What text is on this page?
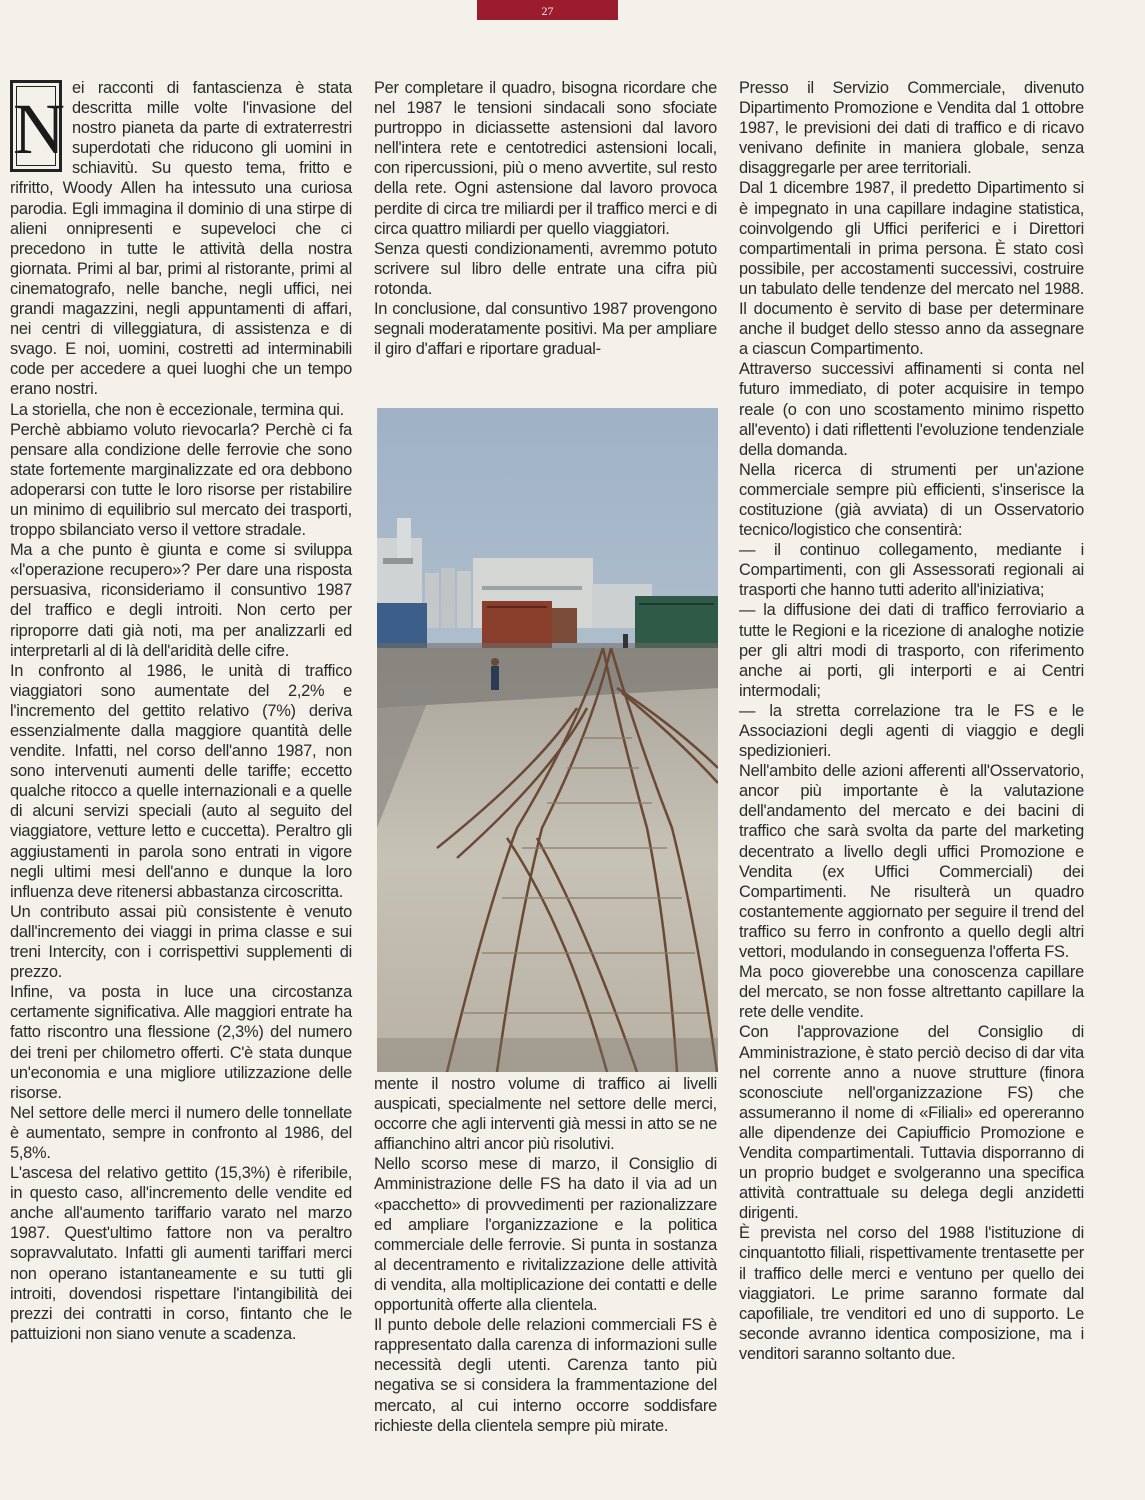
27
N

ei racconti di fantascienza è stata descritta mille volte l'invasione del nostro pianeta da parte di extraterrestri superdotati che riducono gli uomini in schiavitù. Su questo tema, fritto e rifritto, Woody Allen ha intessuto una curiosa parodia. Egli immagina il dominio di una stirpe di alieni onnipresenti e supeveloci che ci precedono in tutte le attività della nostra giornata. Primi al bar, primi al ristorante, primi al cinematografo, nelle banche, negli uffici, nei grandi magazzini, negli appuntamenti di affari, nei centri di villeggiatura, di assistenza e di svago. E noi, uomini, costretti ad interminabili code per accedere a quei luoghi che un tempo erano nostri.

La storiella, che non è eccezionale, termina qui.

Perchè abbiamo voluto rievocarla? Perchè ci fa pensare alla condizione delle ferrovie che sono state fortemente marginalizzate ed ora debbono adoperarsi con tutte le loro risorse per ristabilire un minimo di equilibrio sul mercato dei trasporti, troppo sbilanciato verso il vettore stradale.

Ma a che punto è giunta e come si sviluppa «l'operazione recupero»? Per dare una risposta persuasiva, riconsideriamo il consuntivo 1987 del traffico e degli introiti. Non certo per riproporre dati già noti, ma per analizzarli ed interpretarli al di là dell'aridità delle cifre.

In confronto al 1986, le unità di traffico viaggiatori sono aumentate del 2,2% e l'incremento del gettito relativo (7%) deriva essenzialmente dalla maggiore quantità delle vendite. Infatti, nel corso dell'anno 1987, non sono intervenuti aumenti delle tariffe; eccetto qualche ritocco a quelle internazionali e a quelle di alcuni servizi speciali (auto al seguito del viaggiatore, vetture letto e cuccetta). Peraltro gli aggiustamenti in parola sono entrati in vigore negli ultimi mesi dell'anno e dunque la loro influenza deve ritenersi abbastanza circoscritta.

Un contributo assai più consistente è venuto dall'incremento dei viaggi in prima classe e sui treni Intercity, con i corrispettivi supplementi di prezzo.

Infine, va posta in luce una circostanza certamente significativa. Alle maggiori entrate ha fatto riscontro una flessione (2,3%) del numero dei treni per chilometro offerti. C'è stata dunque un'economia e una migliore utilizzazione delle risorse.

Nel settore delle merci il numero delle tonnellate è aumentato, sempre in confronto al 1986, del 5,8%.

L'ascesa del relativo gettito (15,3%) è riferibile, in questo caso, all'incremento delle vendite ed anche all'aumento tariffario varato nel marzo 1987. Quest'ultimo fattore non va peraltro sopravvalutato. Infatti gli aumenti tariffari merci non operano istantaneamente e su tutti gli introiti, dovendosi rispettare l'intangibilità dei prezzi dei contratti in corso, fintanto che le pattuizioni non siano venute a scadenza.

Per completare il quadro, bisogna ricordare che nel 1987 le tensioni sindacali sono sfociate purtroppo in diciassette astensioni dal lavoro nell'intera rete e centotredici astensioni locali, con ripercussioni, più o meno avvertite, sul resto della rete. Ogni astensione dal lavoro provoca perdite di circa tre miliardi per il traffico merci e di circa quattro miliardi per quello viaggiatori.

Senza questi condizionamenti, avremmo potuto scrivere sul libro delle entrate una cifra più rotonda.

In conclusione, dal consuntivo 1987 provengono segnali moderatamente positivi. Ma per ampliare il giro d'affari e riportare gradual-

mente il nostro volume di traffico ai livelli auspicati, specialmente nel settore delle merci, occorre che agli interventi già messi in atto se ne affianchino altri ancor più risolutivi.

Nello scorso mese di marzo, il Consiglio di Amministrazione delle FS ha dato il via ad un «pacchetto» di provvedimenti per razionalizzare ed ampliare l'organizzazione e la politica commerciale delle ferrovie. Si punta in sostanza al decentramento e rivitalizzazione delle attività di vendita, alla moltiplicazione dei contatti e delle opportunità offerte alla clientela.

Il punto debole delle relazioni commerciali FS è rappresentato dalla carenza di informazioni sulle necessità degli utenti. Carenza tanto più negativa se si considera la frammentazione del mercato, al cui interno occorre soddisfare richieste della clientela sempre più mirate.

Presso il Servizio Commerciale, divenuto Dipartimento Promozione e Vendita dal 1 ottobre 1987, le previsioni dei dati di traffico e di ricavo venivano definite in maniera globale, senza disaggregarle per aree territoriali.

Dal 1 dicembre 1987, il predetto Dipartimento si è impegnato in una capillare indagine statistica, coinvolgendo gli Uffici periferici e i Direttori compartimentali in prima persona. È stato così possibile, per accostamenti successivi, costruire un tabulato delle tendenze del mercato nel 1988. Il documento è servito di base per determinare anche il budget dello stesso anno da assegnare a ciascun Compartimento.

Attraverso successivi affinamenti si conta nel futuro immediato, di poter acquisire in tempo reale (o con uno scostamento minimo rispetto all'evento) i dati riflettenti l'evoluzione tendenziale della domanda.

Nella ricerca di strumenti per un'azione commerciale sempre più efficienti, s'inserisce la costituzione (già avviata) di un Osservatorio tecnico/logistico che consentirà:

— il continuo collegamento, mediante i Compartimenti, con gli Assessorati regionali ai trasporti che hanno tutti aderito all'iniziativa;

— la diffusione dei dati di traffico ferroviario a tutte le Regioni e la ricezione di analoghe notizie per gli altri modi di trasporto, con riferimento anche ai porti, gli interporti e ai Centri intermodali;

— la stretta correlazione tra le FS e le Associazioni degli agenti di viaggio e degli spedizionieri.

Nell'ambito delle azioni afferenti all'Osservatorio, ancor più importante è la valutazione dell'andamento del mercato e dei bacini di traffico che sarà svolta da parte del marketing decentrato a livello degli uffici Promozione e Vendita (ex Uffici Commerciali) dei Compartimenti. Ne risulterà un quadro costantemente aggiornato per seguire il trend del traffico su ferro in confronto a quello degli altri vettori, modulando in conseguenza l'offerta FS.

Ma poco gioverebbe una conoscenza capillare del mercato, se non fosse altrettanto capillare la rete delle vendite.

Con l'approvazione del Consiglio di Amministrazione, è stato perciò deciso di dar vita nel corrente anno a nuove strutture (finora sconosciute nell'organizzazione FS) che assumeranno il nome di «Filiali» ed opereranno alle dipendenze dei Capiufficio Promozione e Vendita compartimentali. Tuttavia disporranno di un proprio budget e svolgeranno una specifica attività contrattuale su delega degli anzidetti dirigenti.

È prevista nel corso del 1988 l'istituzione di cinquantotto filiali, rispettivamente trentasette per il traffico delle merci e ventuno per quello dei viaggiatori. Le prime saranno formate dal capofiliale, tre venditori ed uno di supporto. Le seconde avranno identica composizione, ma i venditori saranno soltanto due.
